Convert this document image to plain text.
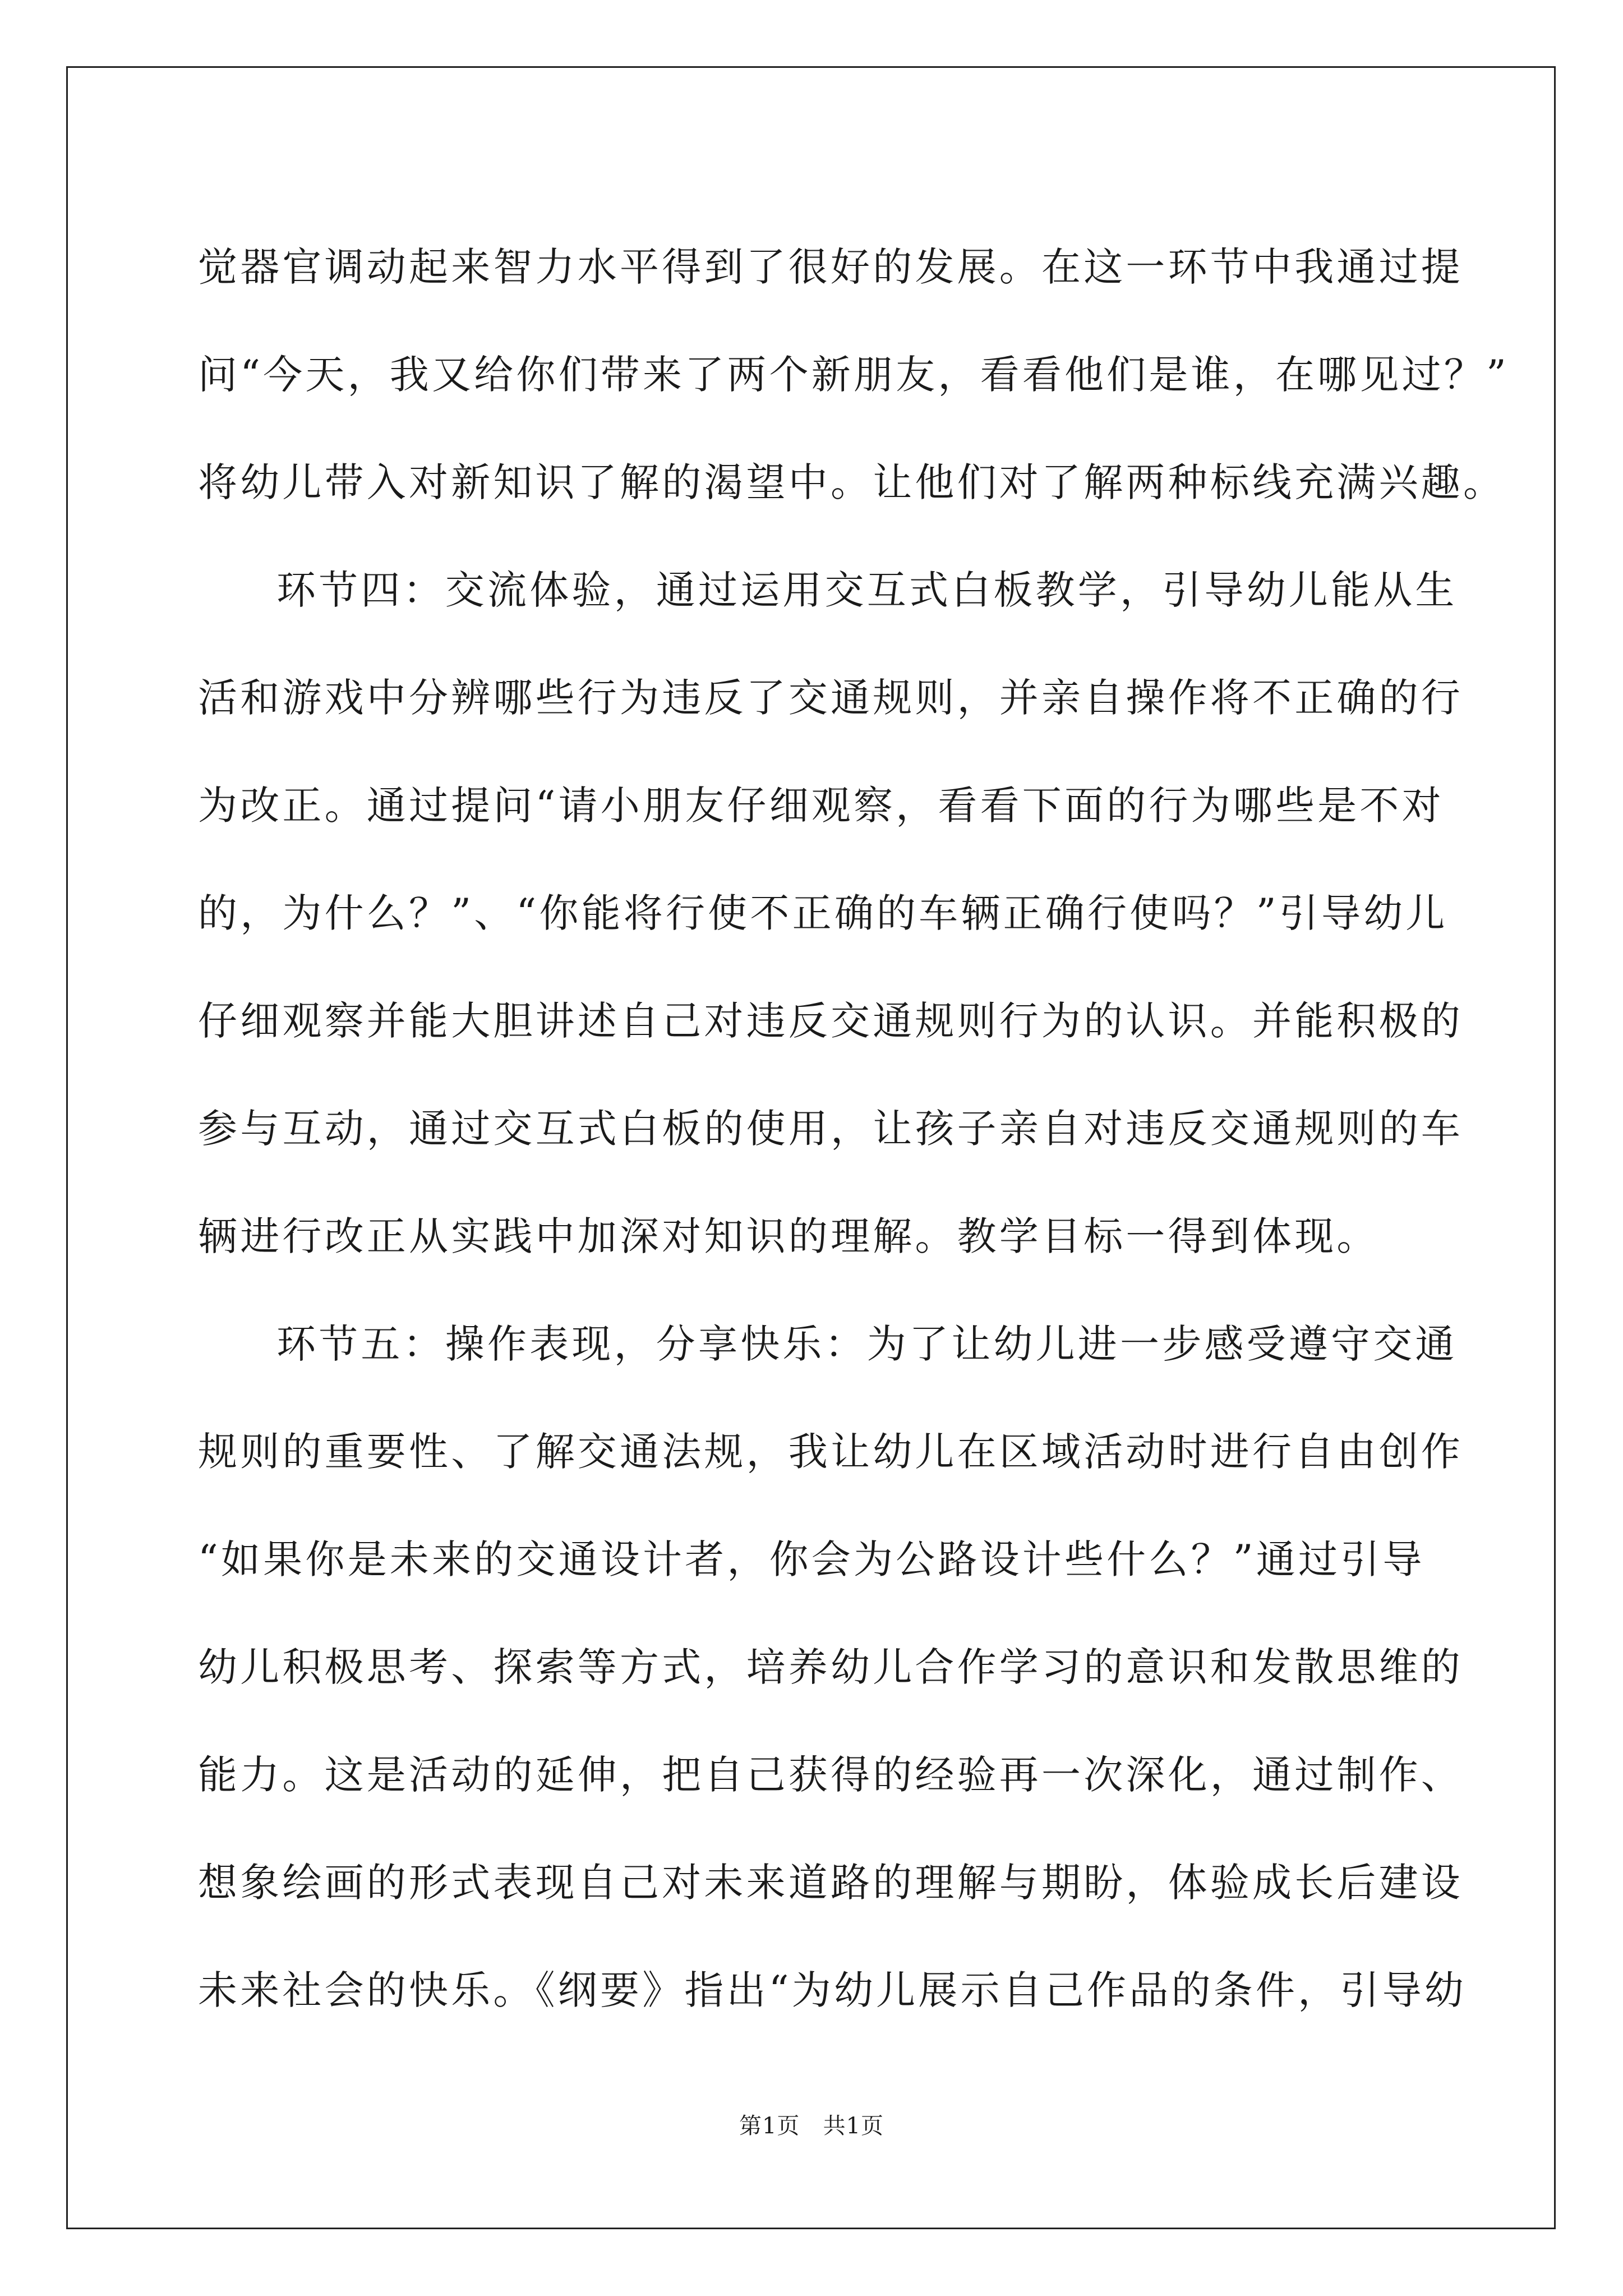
觉器官调动起来智力水平得到了很好的发展。在这一环节中我通过提
问“今天，我又给你们带来了两个新朋友，看看他们是谁，在哪见过？”
将幼儿带入对新知识了解的渴望中。让他们对了解两种标线充满兴趣。
环节四：交流体验，通过运用交互式白板教学，引导幼儿能从生
活和游戏中分辨哪些行为违反了交通规则，并亲自操作将不正确的行
为改正。通过提问“请小朋友仔细观察，看看下面的行为哪些是不对
的，为什么？”、“你能将行使不正确的车辆正确行使吗？”引导幼儿
仔细观察并能大胆讲述自己对违反交通规则行为的认识。并能积极的
参与互动，通过交互式白板的使用，让孩子亲自对违反交通规则的车
辆进行改正从实践中加深对知识的理解。教学目标一得到体现。
环节五：操作表现，分享快乐：为了让幼儿进一步感受遵守交通
规则的重要性、了解交通法规，我让幼儿在区域活动时进行自由创作
“如果你是未来的交通设计者，你会为公路设计些什么？”通过引导
幼儿积极思考、探索等方式，培养幼儿合作学习的意识和发散思维的
能力。这是活动的延伸，把自己获得的经验再一次深化，通过制作、
想象绘画的形式表现自己对未来道路的理解与期盼，体验成长后建设
未来社会的快乐。《纲要》指出“为幼儿展示自己作品的条件，引导幼
第1页 共1页
